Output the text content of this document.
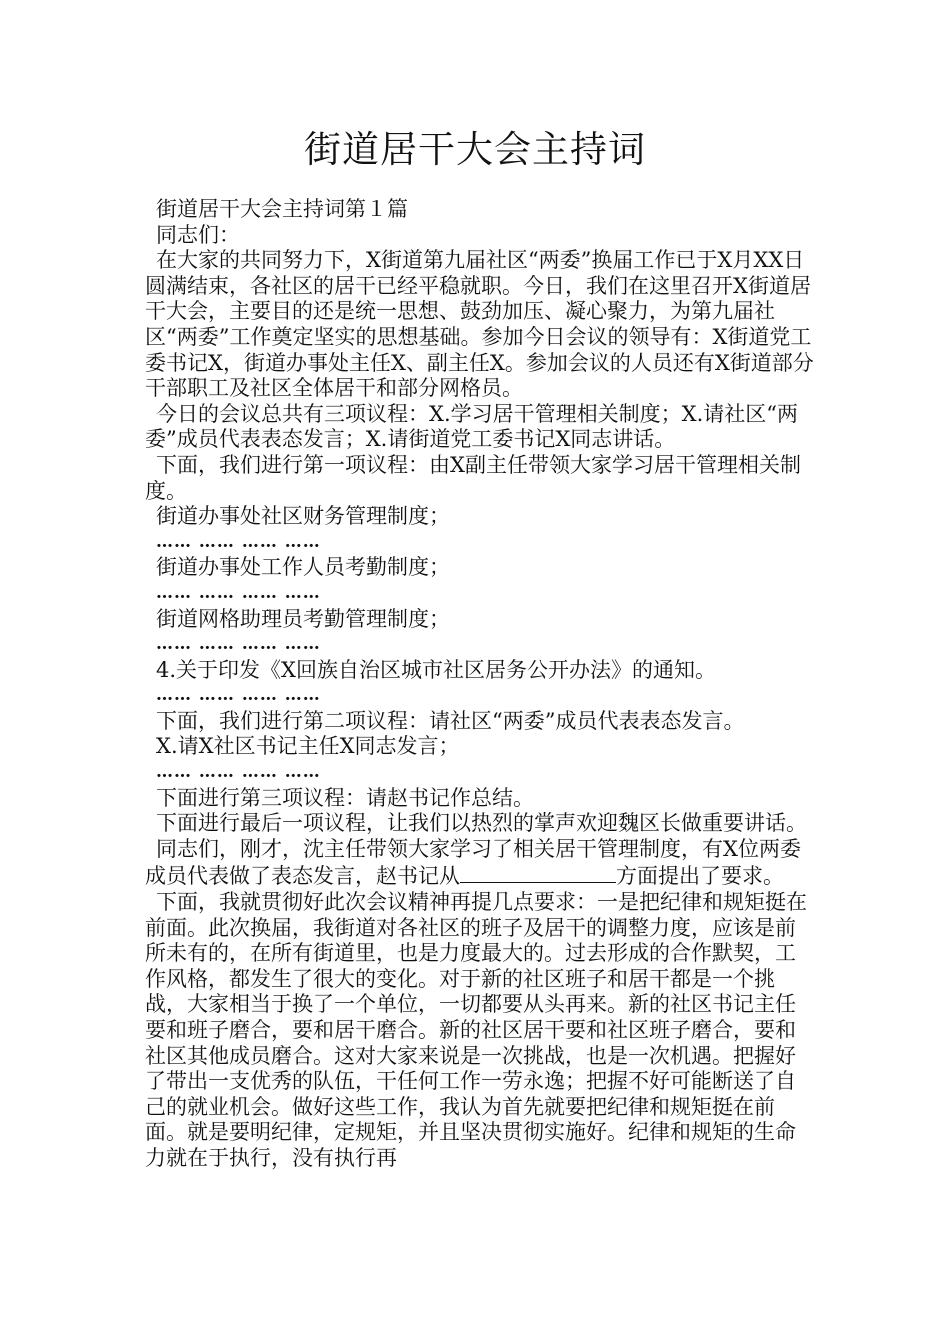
街道居干大会主持词

街道居干大会主持词第１篇

同志们：

在大家的共同努力下，X街道第九届社区“两委”换届工作已于X月XX日圆满结束，各社区的居干已经平稳就职。今日，我们在这里召开X街道居干大会，主要目的还是统一思想、鼓劲加压、凝心聚力，为第九届社区“两委”工作奠定坚实的思想基础。参加今日会议的领导有：X街道党工委书记X，街道办事处主任X、副主任X。参加会议的人员还有X街道部分干部职工及社区全体居干和部分网格员。

今日的会议总共有三项议程：X.学习居干管理相关制度；X.请社区“两委”成员代表表态发言；X.请街道党工委书记X同志讲话。

下面，我们进行第一项议程：由X副主任带领大家学习居干管理相关制度。

街道办事处社区财务管理制度；

…… …… …… ……

街道办事处工作人员考勤制度；

…… …… …… ……

街道网格助理员考勤管理制度；

…… …… …… ……

4.关于印发《X回族自治区城市社区居务公开办法》的通知。

…… …… …… ……

下面，我们进行第二项议程：请社区“两委”成员代表表态发言。

X.请X社区书记主任X同志发言；

…… …… …… ……

下面进行第三项议程：请赵书记作总结。

下面进行最后一项议程，让我们以热烈的掌声欢迎魏区长做重要讲话。

同志们，刚才，沈主任带领大家学习了相关居干管理制度，有X位两委成员代表做了表态发言，赵书记从	方面提出了要求。

下面，我就贯彻好此次会议精神再提几点要求：一是把纪律和规矩挺在前面。此次换届，我街道对各社区的班子及居干的调整力度，应该是前所未有的，在所有街道里，也是力度最大的。过去形成的合作默契，工作风格，都发生了很大的变化。对于新的社区班子和居干都是一个挑战，大家相当于换了一个单位，一切都要从头再来。新的社区书记主任要和班子磨合，要和居干磨合。新的社区居干要和社区班子磨合，要和社区其他成员磨合。这对大家来说是一次挑战，也是一次机遇。把握好了带出一支优秀的队伍，干任何工作一劳永逸；把握不好可能断送了自己的就业机会。做好这些工作，我认为首先就要把纪律和规矩挺在前面。就是要明纪律，定规矩，并且坚决贯彻实施好。纪律和规矩的生命力就在于执行，没有执行再
